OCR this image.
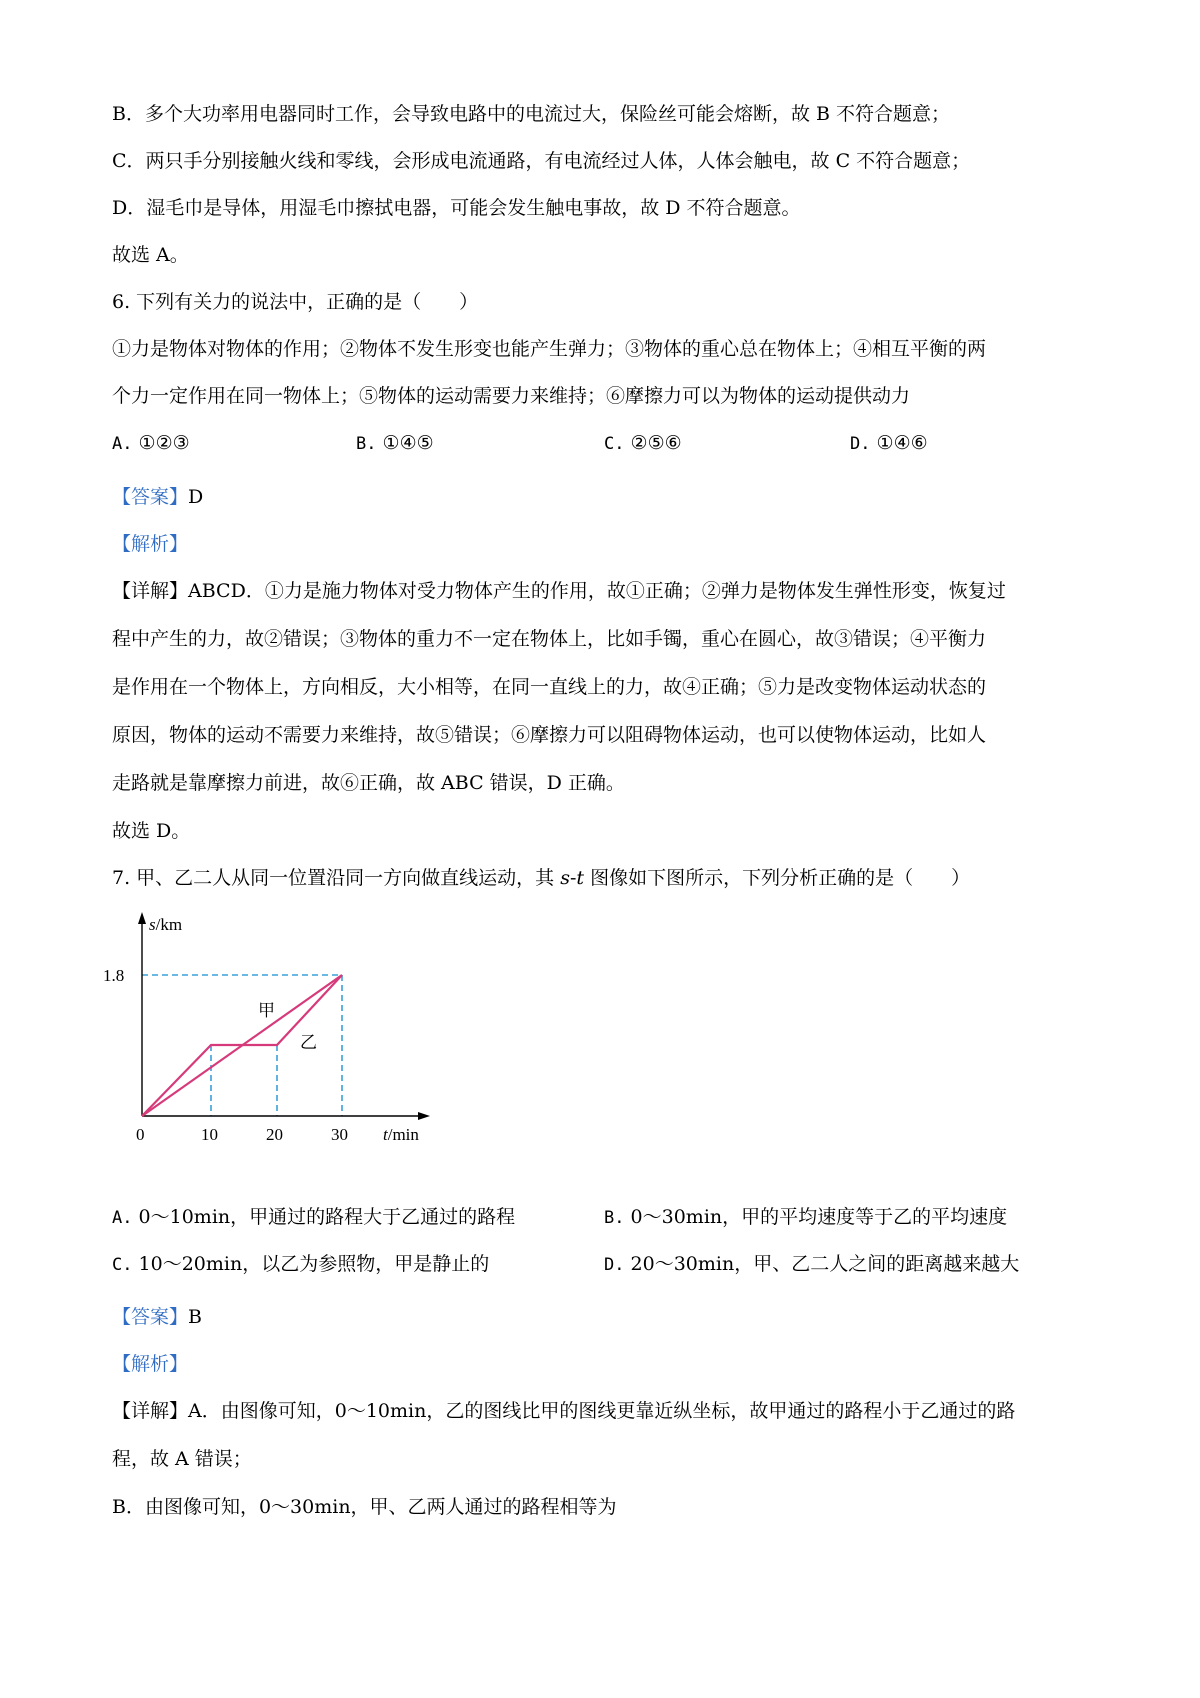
B．多个大功率用电器同时工作，会导致电路中的电流过大，保险丝可能会熔断，故 B 不符合题意；
C．两只手分别接触火线和零线，会形成电流通路，有电流经过人体，人体会触电，故 C 不符合题意；
D．湿毛巾是导体，用湿毛巾擦拭电器，可能会发生触电事故，故 D 不符合题意。
故选 A。
6. 下列有关力的说法中，正确的是（　　）
①力是物体对物体的作用；②物体不发生形变也能产生弹力；③物体的重心总在物体上；④相互平衡的两
个力一定作用在同一物体上；⑤物体的运动需要力来维持；⑥摩擦力可以为物体的运动提供动力
A. ①②③	B. ①④⑤	C. ②⑤⑥	D. ①④⑥
【答案】D
【解析】
【详解】ABCD．①力是施力物体对受力物体产生的作用，故①正确；②弹力是物体发生弹性形变，恢复过
程中产生的力，故②错误；③物体的重力不一定在物体上，比如手镯，重心在圆心，故③错误；④平衡力
是作用在一个物体上，方向相反，大小相等，在同一直线上的力，故④正确；⑤力是改变物体运动状态的
原因，物体的运动不需要力来维持，故⑤错误；⑥摩擦力可以阻碍物体运动，也可以使物体运动，比如人
走路就是靠摩擦力前进，故⑥正确，故 ABC 错误，D 正确。
故选 D。
7. 甲、乙二人从同一位置沿同一方向做直线运动，其 s-t 图像如下图所示，下列分析正确的是（　　）
s/km
1.8
0	10	20	30 t/min
甲
乙
A. 0～10min，甲通过的路程大于乙通过的路程	B. 0～30min，甲的平均速度等于乙的平均速度
C. 10～20min，以乙为参照物，甲是静止的	D. 20～30min，甲、乙二人之间的距离越来越大
【答案】B
【解析】
【详解】A．由图像可知，0～10min，乙的图线比甲的图线更靠近纵坐标，故甲通过的路程小于乙通过的路
程，故 A 错误；
B．由图像可知，0～30min，甲、乙两人通过的路程相等为
